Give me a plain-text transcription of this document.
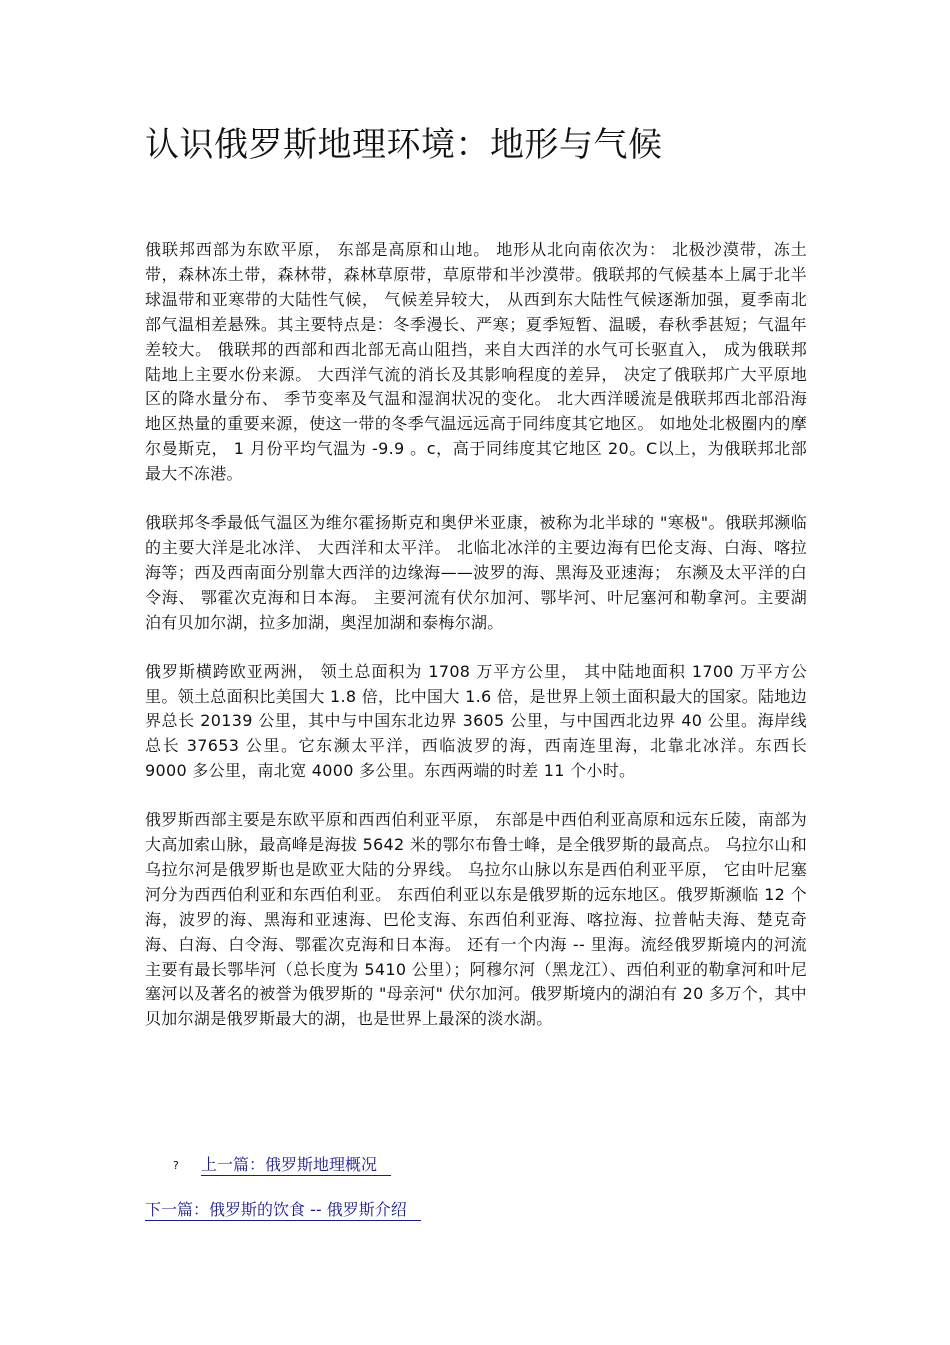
认识俄罗斯地理环境：地形与气候

俄联邦西部为东欧平原， 东部是高原和山地。 地形从北向南依次为： 北极沙漠带，冻土带，森林冻土带，森林带，森林草原带，草原带和半沙漠带。俄联邦的气候基本上属于北半球温带和亚寒带的大陆性气候， 气候差异较大， 从西到东大陆性气候逐渐加强，夏季南北部气温相差悬殊。其主要特点是：冬季漫长、严寒；夏季短暂、温暖，春秋季甚短；气温年差较大。 俄联邦的西部和西北部无高山阻挡，来自大西洋的水气可长驱直入， 成为俄联邦陆地上主要水份来源。 大西洋气流的消长及其影响程度的差异， 决定了俄联邦广大平原地区的降水量分布、 季节变率及气温和湿润状况的变化。 北大西洋暖流是俄联邦西北部沿海地区热量的重要来源，使这一带的冬季气温远远高于同纬度其它地区。 如地处北极圈内的摩尔曼斯克， 1 月份平均气温为 -9.9 。c，高于同纬度其它地区 20。C以上，为俄联邦北部最大不冻港。

俄联邦冬季最低气温区为维尔霍扬斯克和奥伊米亚康，被称为北半球的 "寒极"。俄联邦濒临的主要大洋是北冰洋、 大西洋和太平洋。 北临北冰洋的主要边海有巴伦支海、白海、喀拉海等；西及西南面分别靠大西洋的边缘海——波罗的海、黑海及亚速海； 东濒及太平洋的白令海、 鄂霍次克海和日本海。 主要河流有伏尔加河、鄂毕河、叶尼塞河和勒拿河。主要湖泊有贝加尔湖，拉多加湖，奥涅加湖和泰梅尔湖。

俄罗斯横跨欧亚两洲， 领土总面积为 1708 万平方公里， 其中陆地面积 1700 万平方公里。领土总面积比美国大 1.8 倍，比中国大 1.6 倍，是世界上领土面积最大的国家。陆地边界总长 20139 公里，其中与中国东北边界 3605 公里，与中国西北边界 40 公里。海岸线总长 37653 公里。它东濒太平洋，西临波罗的海，西南连里海，北靠北冰洋。东西长 9000 多公里，南北宽 4000 多公里。东西两端的时差 11 个小时。

俄罗斯西部主要是东欧平原和西西伯利亚平原， 东部是中西伯利亚高原和远东丘陵，南部为大高加索山脉，最高峰是海拔 5642 米的鄂尔布鲁士峰，是全俄罗斯的最高点。 乌拉尔山和乌拉尔河是俄罗斯也是欧亚大陆的分界线。 乌拉尔山脉以东是西伯利亚平原， 它由叶尼塞河分为西西伯利亚和东西伯利亚。 东西伯利亚以东是俄罗斯的远东地区。俄罗斯濒临 12 个海，波罗的海、黑海和亚速海、巴伦支海、东西伯利亚海、喀拉海、拉普帖夫海、楚克奇海、白海、白令海、鄂霍次克海和日本海。 还有一个内海 -- 里海。流经俄罗斯境内的河流主要有最长鄂毕河（总长度为 5410 公里）；阿穆尔河（黑龙江）、西伯利亚的勒拿河和叶尼塞河以及著名的被誉为俄罗斯的 "母亲河" 伏尔加河。俄罗斯境内的湖泊有 20 多万个，其中贝加尔湖是俄罗斯最大的湖，也是世界上最深的淡水湖。

? 上一篇：俄罗斯地理概况
下一篇：俄罗斯的饮食 -- 俄罗斯介绍
